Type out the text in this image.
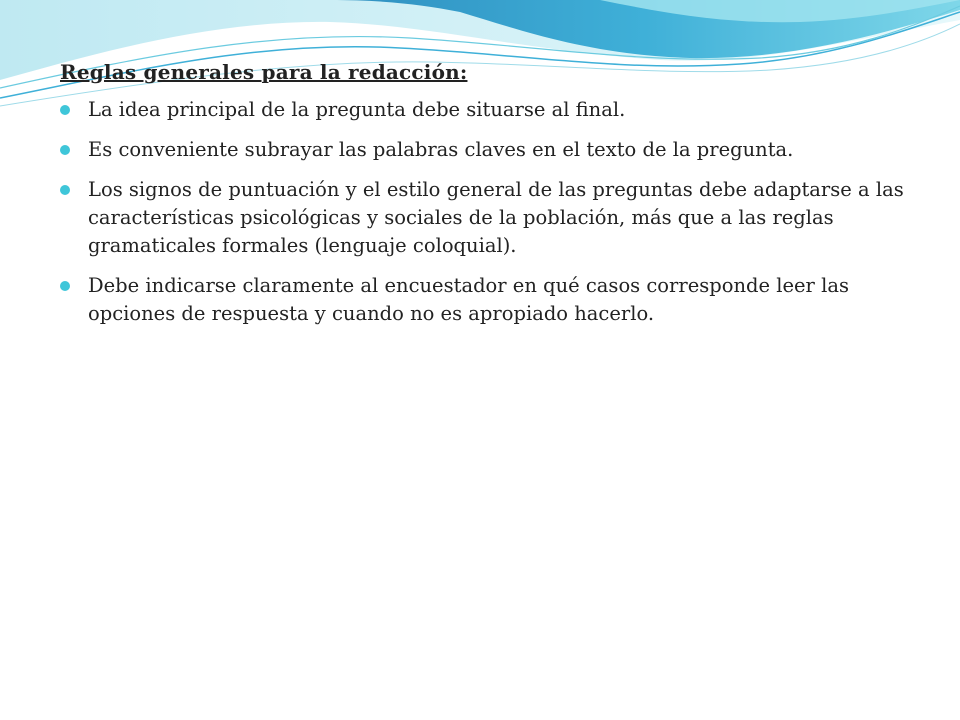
Reglas generales para la redacción:
La idea principal de la pregunta debe situarse al final.
Es conveniente subrayar las palabras claves en el texto de la pregunta.
Los signos de puntuación y el estilo general de las preguntas debe adaptarse a las características psicológicas y sociales de la población, más que a las reglas gramaticales formales (lenguaje coloquial).
Debe indicarse claramente al encuestador en qué casos corresponde leer las opciones de respuesta y cuando no es apropiado hacerlo.
